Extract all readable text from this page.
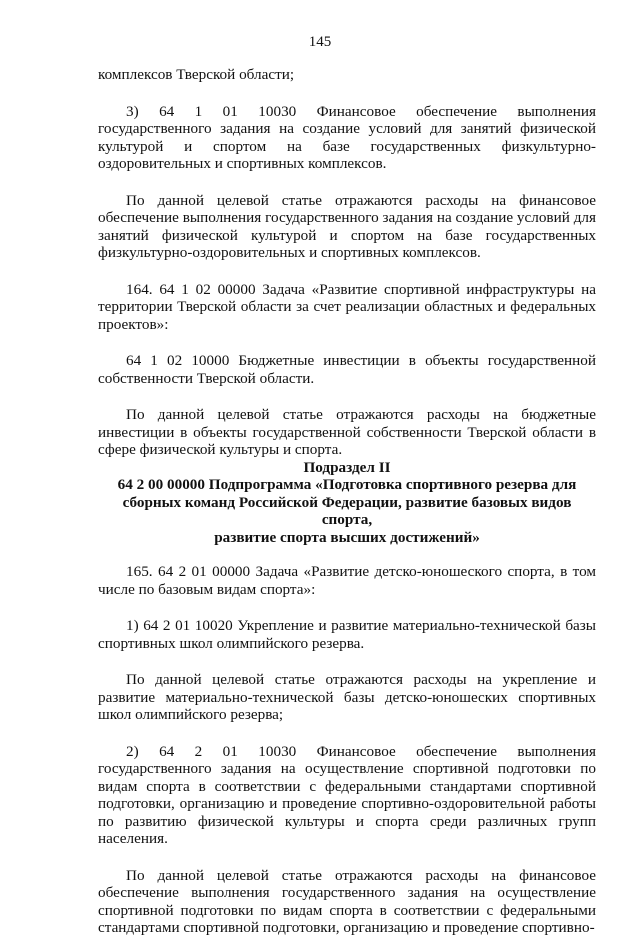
145

комплексов Тверской области;

3) 64 1 01 10030 Финансовое обеспечение выполнения государственного задания на создание условий для занятий физической культурой и спортом на базе государственных физкультурно-оздоровительных и спортивных комплексов.

По данной целевой статье отражаются расходы на финансовое обеспечение выполнения государственного задания на создание условий для занятий физической культурой и спортом на базе государственных физкультурно-оздоровительных и спортивных комплексов.

164. 64 1 02 00000 Задача «Развитие спортивной инфраструктуры на территории Тверской области за счет реализации областных и федеральных проектов»:

64 1 02 10000 Бюджетные инвестиции в объекты государственной собственности Тверской области.

По данной целевой статье отражаются расходы на бюджетные инвестиции в объекты государственной собственности Тверской области в сфере физической культуры и спорта.

Подраздел II

64 2 00 00000 Подпрограмма «Подготовка спортивного резерва для

сборных команд Российской Федерации, развитие базовых видов спорта,

развитие спорта высших достижений»

165. 64 2 01 00000 Задача «Развитие детско-юношеского спорта, в том числе по базовым видам спорта»:

1) 64 2 01 10020 Укрепление и развитие материально-технической базы спортивных школ олимпийского резерва.

По данной целевой статье отражаются расходы на укрепление и развитие материально-технической базы детско-юношеских спортивных школ олимпийского резерва;

2) 64 2 01 10030 Финансовое обеспечение выполнения государственного задания на осуществление спортивной подготовки по видам спорта в соответствии с федеральными стандартами спортивной подготовки, организацию и проведение спортивно-оздоровительной работы по развитию физической культуры и спорта среди различных групп населения.

По данной целевой статье отражаются расходы на финансовое обеспечение выполнения государственного задания на осуществление спортивной подготовки по видам спорта в соответствии с федеральными стандартами спортивной подготовки, организацию и проведение спортивно-
